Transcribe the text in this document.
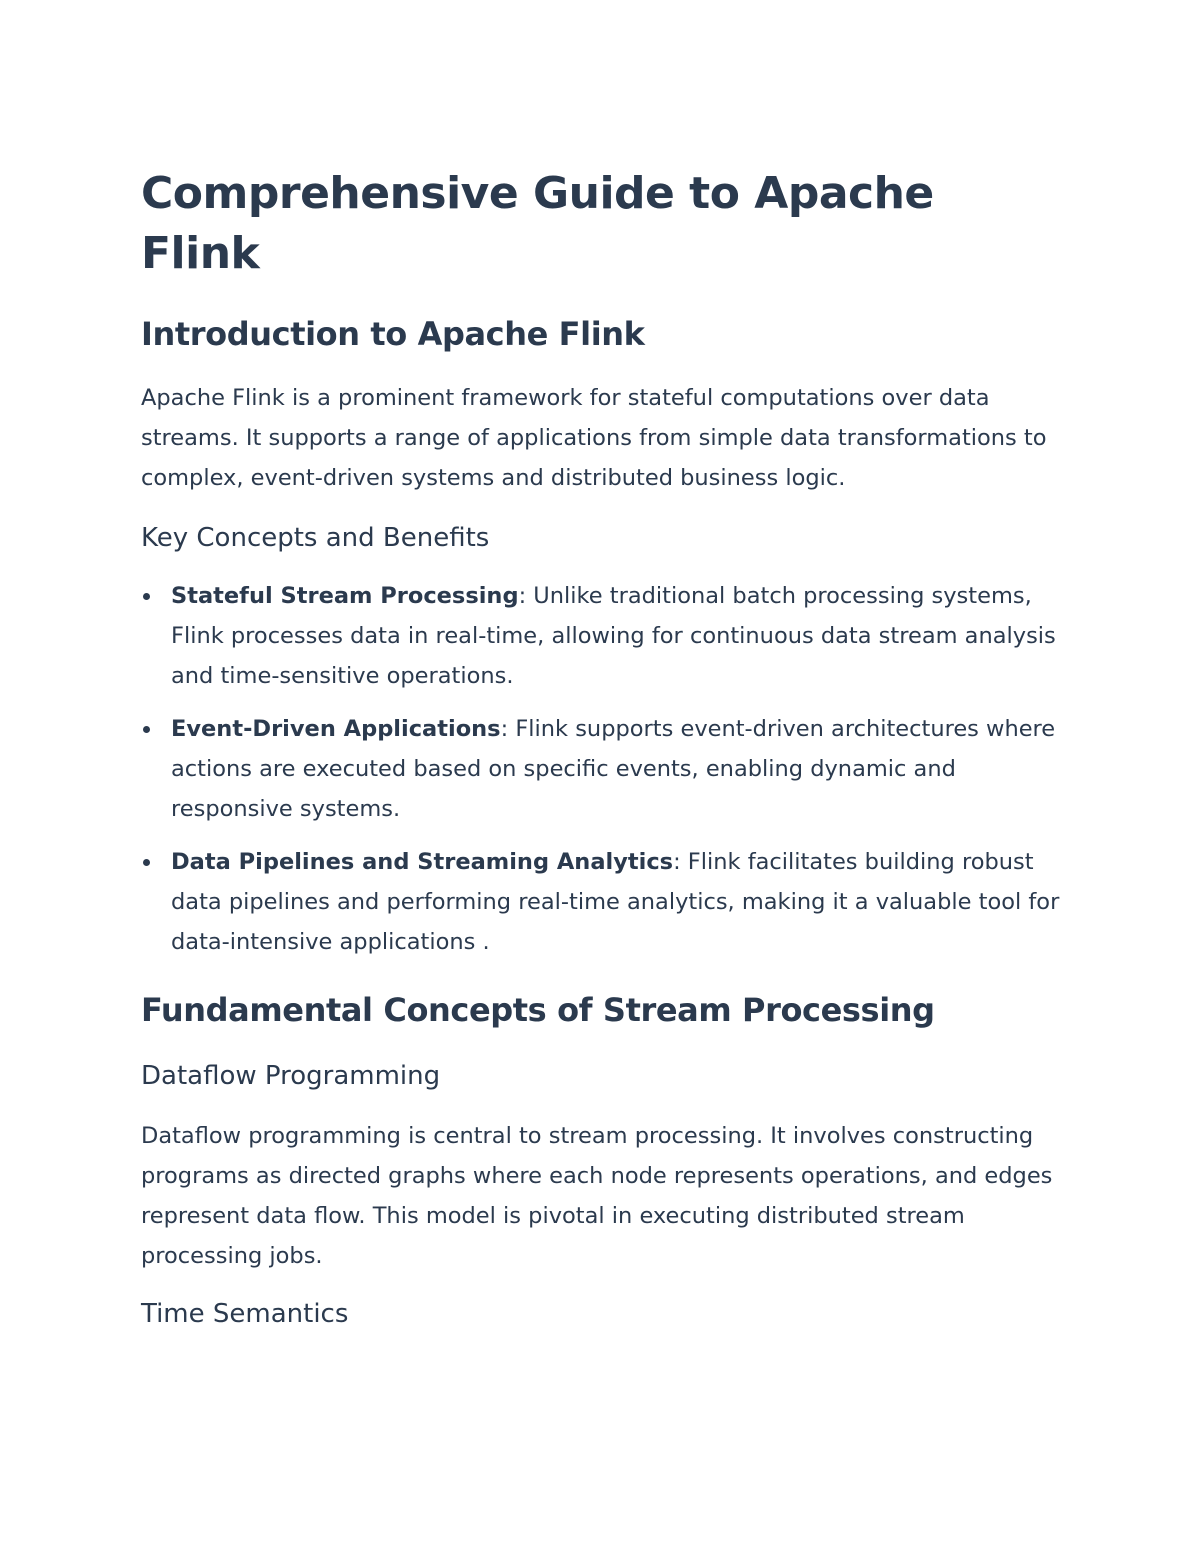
Comprehensive Guide to Apache Flink
Introduction to Apache Flink

Apache Flink is a prominent framework for stateful computations over data streams. It supports a range of applications from simple data transformations to complex, event-driven systems and distributed business logic.

Key Concepts and Benefits
Stateful Stream Processing: Unlike traditional batch processing systems, Flink processes data in real-time, allowing for continuous data stream analysis and time-sensitive operations.
Event-Driven Applications: Flink supports event-driven architectures where actions are executed based on specific events, enabling dynamic and responsive systems.
Data Pipelines and Streaming Analytics: Flink facilitates building robust data pipelines and performing real-time analytics, making it a valuable tool for data-intensive applications .
Fundamental Concepts of Stream Processing
Dataflow Programming

Dataflow programming is central to stream processing. It involves constructing programs as directed graphs where each node represents operations, and edges represent data flow. This model is pivotal in executing distributed stream processing jobs.

Time Semantics
